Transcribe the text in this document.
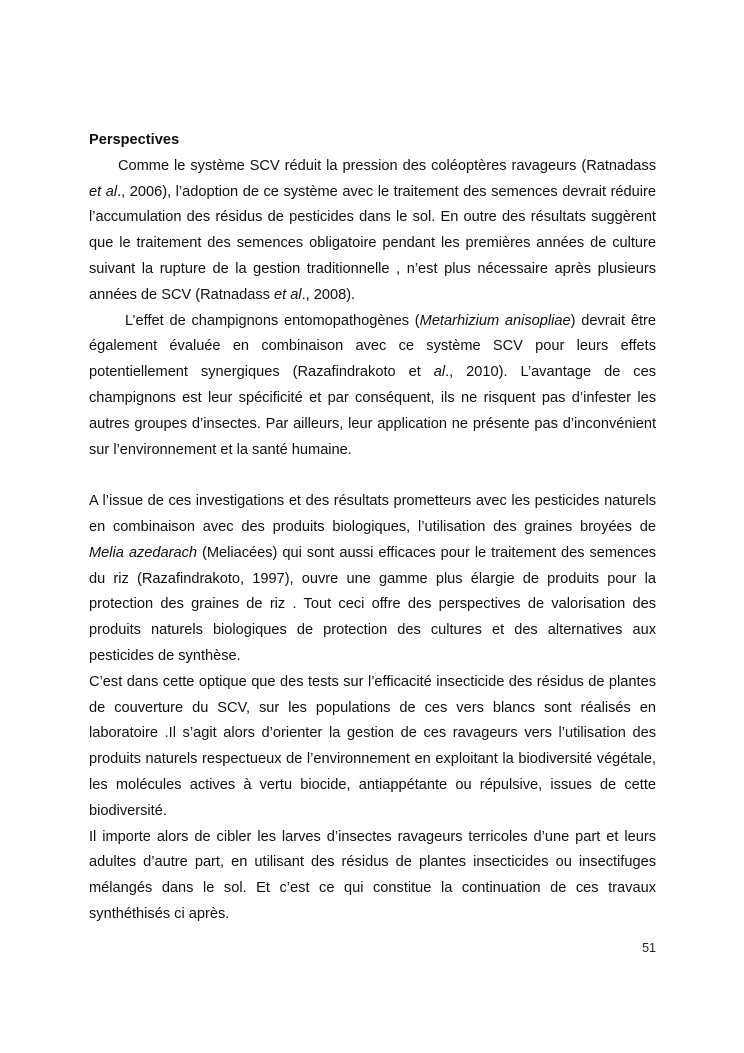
Perspectives

Comme le système SCV réduit la pression des coléoptères ravageurs (Ratnadass et al., 2006), l’adoption de ce système avec le traitement des semences devrait réduire l’accumulation des résidus de pesticides dans le sol. En outre des résultats suggèrent que le traitement des semences obligatoire pendant les premières années de culture suivant la rupture de la gestion traditionnelle , n’est plus nécessaire après plusieurs années de SCV (Ratnadass et al., 2008).

L’effet de champignons entomopathogènes (Metarhizium anisopliae) devrait être également évaluée en combinaison avec ce système SCV pour leurs effets potentiellement synergiques (Razafindrakoto et al., 2010). L’avantage de ces champignons est leur spécificité et par conséquent, ils ne risquent pas d’infester les autres groupes d’insectes. Par ailleurs, leur application ne présente pas d’inconvénient sur l’environnement et la santé humaine.

A l’issue de ces investigations et des résultats prometteurs avec les pesticides naturels en combinaison avec des produits biologiques, l’utilisation des graines broyées de Melia azedarach (Meliacées) qui sont aussi efficaces pour le traitement des semences du riz (Razafindrakoto, 1997), ouvre une gamme plus élargie de produits pour la protection des graines de riz . Tout ceci offre des perspectives de valorisation des produits naturels biologiques de protection des cultures et des alternatives aux pesticides de synthèse.

C’est dans cette optique que des tests sur l’efficacité insecticide des résidus de plantes de couverture du SCV, sur les populations de ces vers blancs sont réalisés en laboratoire .Il s’agit alors d’orienter la gestion de ces ravageurs vers l’utilisation des produits naturels respectueux de l’environnement en exploitant la biodiversité végétale, les molécules actives à vertu biocide, antiappétante ou répulsive, issues de cette biodiversité.

Il importe alors de cibler les larves d’insectes ravageurs terricoles d’une part et leurs adultes d’autre part, en utilisant des résidus de plantes insecticides ou insectifuges mélangés dans le sol. Et c’est ce qui constitue la continuation de ces travaux synthéthisés ci après.

51
